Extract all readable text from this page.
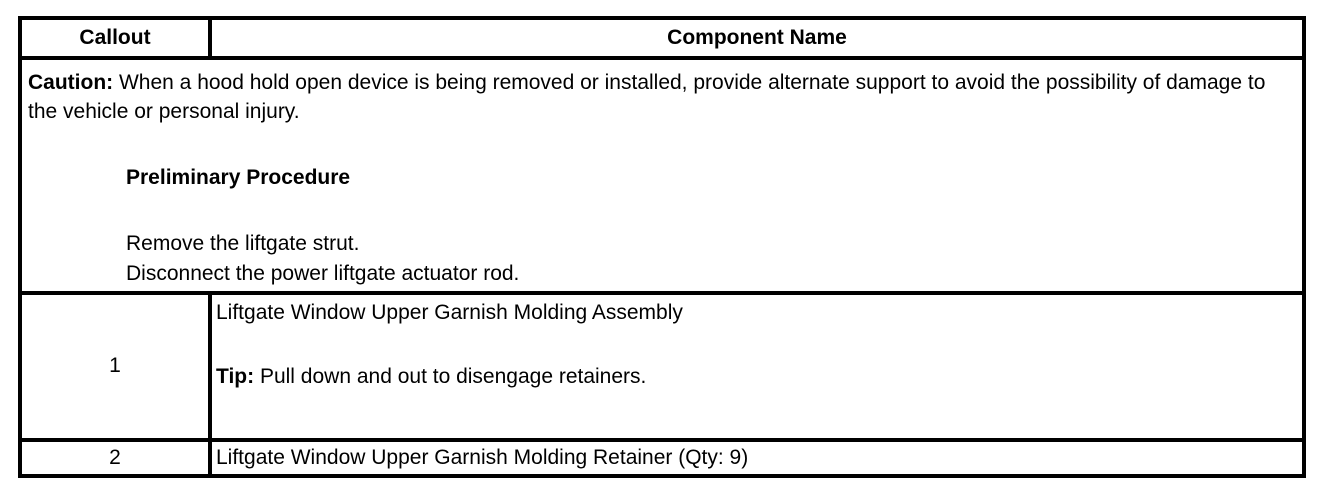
Callout	Component Name

Caution: When a hood hold open device is being removed or installed, provide alternate support to avoid the possibility of damage to the vehicle or personal injury.
Preliminary Procedure
Remove the liftgate strut.
Disconnect the power liftgate actuator rod.	

1	Liftgate Window Upper Garnish Molding Assembly
Tip: Pull down and out to disengage retainers.

2	Liftgate Window Upper Garnish Molding Retainer (Qty: 9)
